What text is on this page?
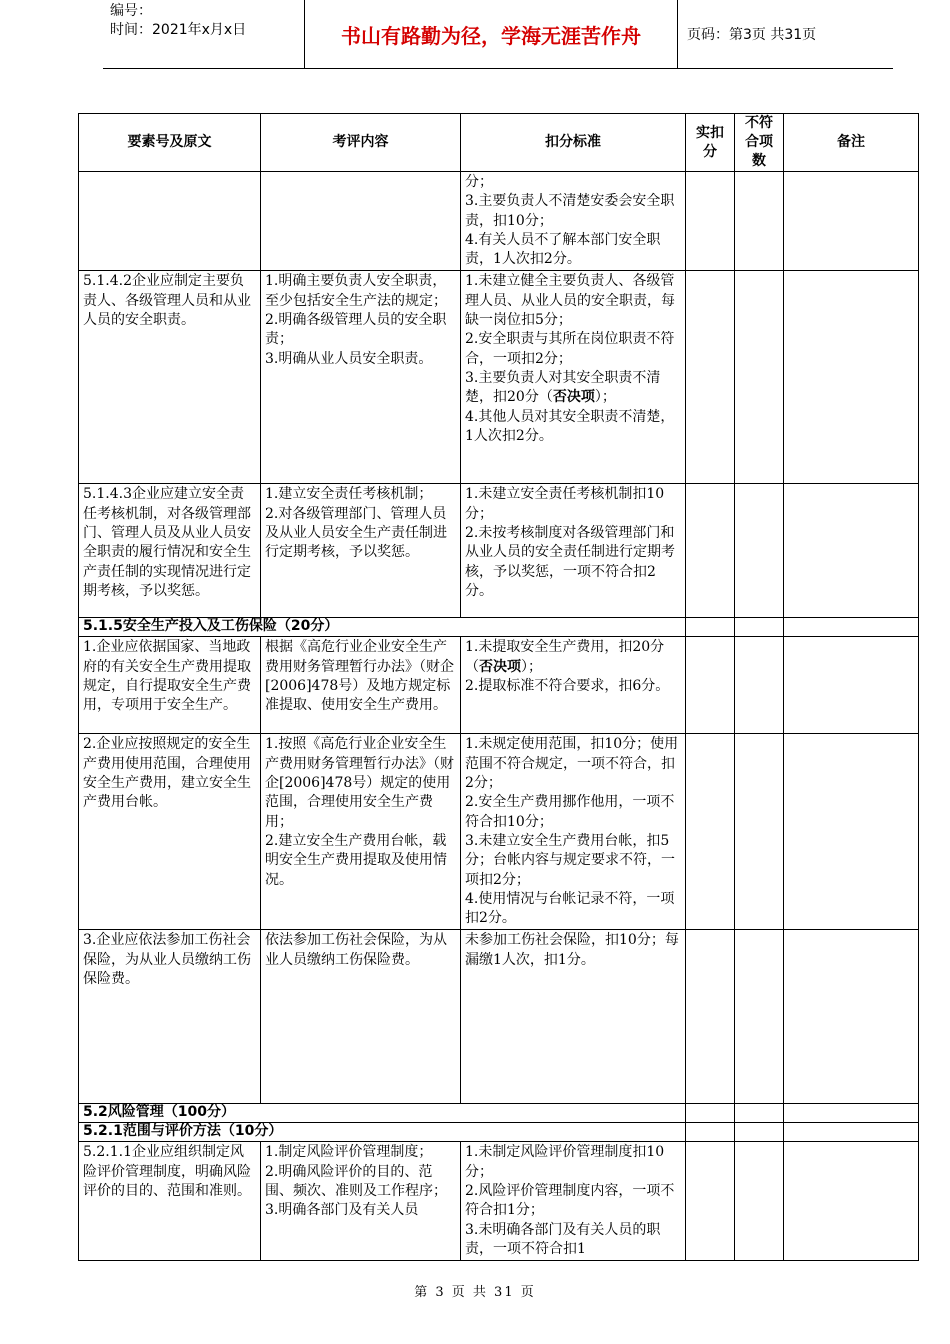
编号：
时间：2021年x月x日	书山有路勤为径，学海无涯苦作舟	页码：第3页 共31页
要素号及原文	考评内容	扣分标准	实扣分	不符合项数	备注
		分；
3.主要负责人不清楚安委会安全职责，扣10分；
4.有关人员不了解本部门安全职责，1人次扣2分。			
5.1.4.2企业应制定主要负责人、各级管理人员和从业人员的安全职责。	1.明确主要负责人安全职责，至少包括安全生产法的规定；
2.明确各级管理人员的安全职责；
3.明确从业人员安全职责。	1.未建立健全主要负责人、各级管理人员、从业人员的安全职责，每缺一岗位扣5分；
2.安全职责与其所在岗位职责不符合，一项扣2分；
3.主要负责人对其安全职责不清楚，扣20分（否决项）；
4.其他人员对其安全职责不清楚，1人次扣2分。			
5.1.4.3企业应建立安全责任考核机制，对各级管理部门、管理人员及从业人员安全职责的履行情况和安全生产责任制的实现情况进行定期考核，予以奖惩。	1.建立安全责任考核机制；
2.对各级管理部门、管理人员及从业人员安全生产责任制进行定期考核，予以奖惩。	1.未建立安全责任考核机制扣10分；
2.未按考核制度对各级管理部门和从业人员的安全责任制进行定期考核，予以奖惩，一项不符合扣2分。			
5.1.5安全生产投入及工伤保险（20分）					
1.企业应依据国家、当地政府的有关安全生产费用提取规定，自行提取安全生产费用，专项用于安全生产。	根据《高危行业企业安全生产费用财务管理暂行办法》（财企[2006]478号）及地方规定标准提取、使用安全生产费用。	1.未提取安全生产费用，扣20分（否决项）；
2.提取标准不符合要求，扣6分。			
2.企业应按照规定的安全生产费用使用范围，合理使用安全生产费用，建立安全生产费用台帐。	1.按照《高危行业企业安全生产费用财务管理暂行办法》（财企[2006]478号）规定的使用范围，合理使用安全生产费用；
2.建立安全生产费用台帐，载明安全生产费用提取及使用情况。	1.未规定使用范围，扣10分；使用范围不符合规定，一项不符合，扣2分；
2.安全生产费用挪作他用，一项不符合扣10分；
3.未建立安全生产费用台帐，扣5分；台帐内容与规定要求不符，一项扣2分；
4.使用情况与台帐记录不符，一项扣2分。			
3.企业应依法参加工伤社会保险，为从业人员缴纳工伤保险费。	依法参加工伤社会保险，为从业人员缴纳工伤保险费。	未参加工伤社会保险，扣10分；每漏缴1人次，扣1分。			
5.2风险管理（100分）					
5.2.1范围与评价方法（10分）					
5.2.1.1企业应组织制定风险评价管理制度，明确风险评价的目的、范围和准则。	1.制定风险评价管理制度；
2.明确风险评价的目的、范围、频次、准则及工作程序；
3.明确各部门及有关人员	1.未制定风险评价管理制度扣10分；
2.风险评价管理制度内容，一项不符合扣1分；
3.未明确各部门及有关人员的职责，一项不符合扣1			
第 3 页 共 31 页
